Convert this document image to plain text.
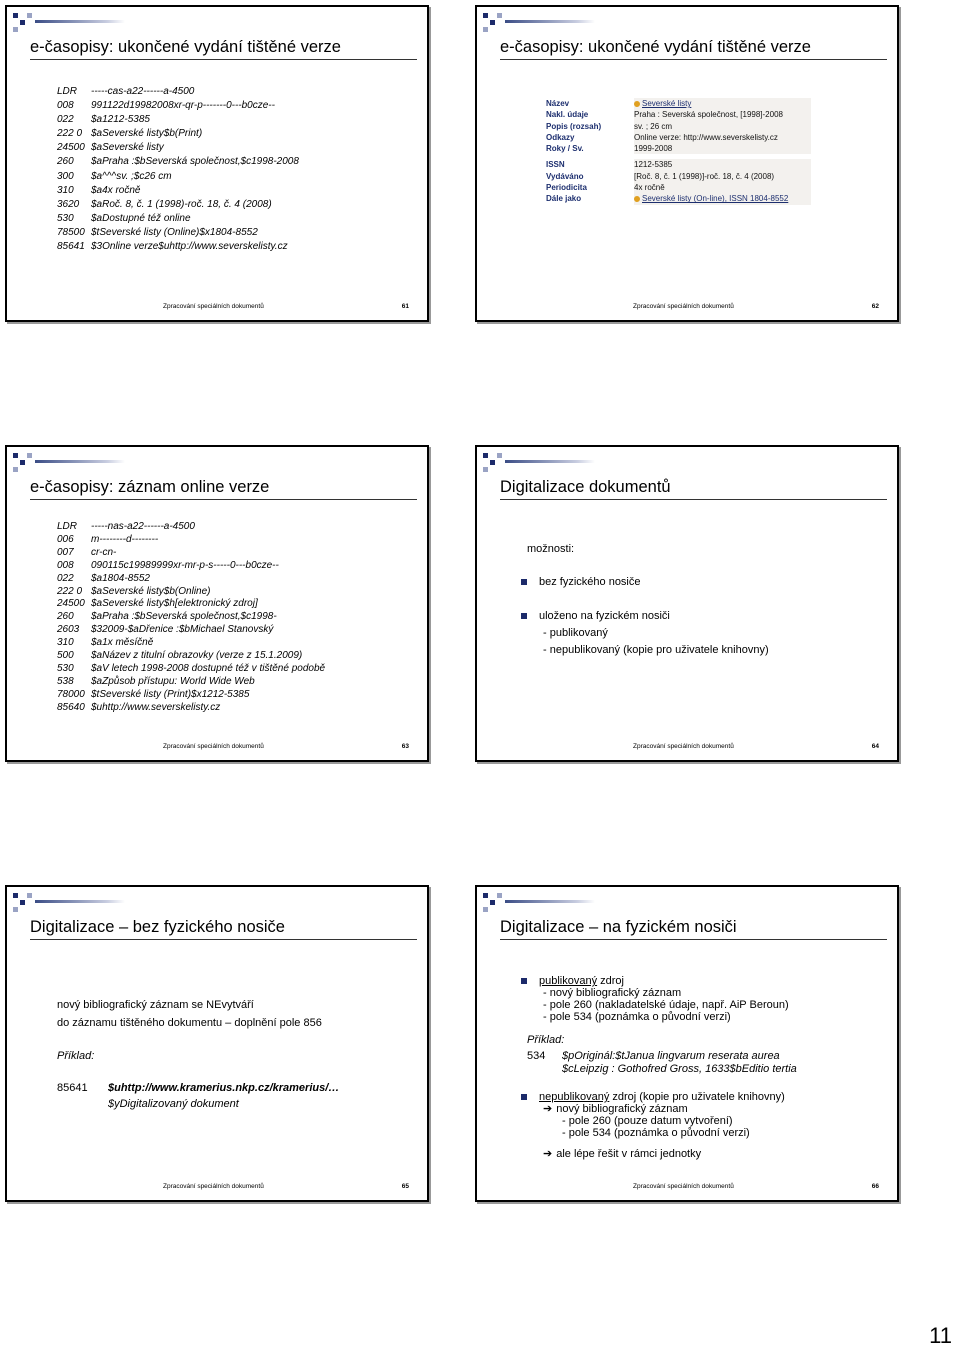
e-časopisy: ukončené vydání tištěné verze
LDR -----cas-a22------a-4500
008 991122d19982008xr-qr-p-------0---b0cze--
022 $a1212-5385
222 0 $aSeverské listy$b(Print)
24500 $aSeverské listy
260 $aPraha :$bSeverská společnost,$c1998-2008
300 $a^^^sv. ;$c26 cm
310 $a4x ročně
3620 $aRoč. 8, č. 1 (1998)-roč. 18, č. 4 (2008)
530 $aDostupné též online
78500 $tSeverské listy (Online)$x1804-8552
85641 $3Online verze$uhttp://www.severskelisty.cz
Zpracování speciálních dokumentů	61
e-časopisy: ukončené vydání tištěné verze
Název	Severské listy
Nakl. údaje	Praha : Severská společnost, [1998]-2008
Popis (rozsah)	sv. ; 26 cm
Odkazy	Online verze: http://www.severskelisty.cz
Roky / Sv.	1999-2008
ISSN	1212-5385
Vydáváno	[Roč. 8, č. 1 (1998)]-roč. 18, č. 4 (2008)
Periodicita	4x ročně
Dále jako	Severské listy (On-line), ISSN 1804-8552
Zpracování speciálních dokumentů	62
e-časopisy: záznam online verze
LDR -----nas-a22------a-4500
006 m--------d--------
007 cr-cn-
008 090115c19989999xr-mr-p-s-----0---b0cze--
022 $a1804-8552
222 0 $aSeverské listy$b(Online)
24500 $aSeverské listy$h[elektronický zdroj]
260 $aPraha :$bSeverská společnost,$c1998-
2603 $32009-$aDřenice :$bMichael Stanovský
310 $a1x měsíčně
500 $aNázev z titulní obrazovky (verze z 15.1.2009)
530 $aV letech 1998-2008 dostupné též v tištěné podobě
538 $aZpůsob přístupu: World Wide Web
78000 $tSeverské listy (Print)$x1212-5385
85640 $uhttp://www.severskelisty.cz
Zpracování speciálních dokumentů	63
Digitalizace dokumentů
možnosti:
bez fyzického nosiče
uloženo na fyzickém nosiči
- publikovaný
- nepublikovaný (kopie pro uživatele knihovny)
Zpracování speciálních dokumentů	64
Digitalizace – bez fyzického nosiče
nový bibliografický záznam se NEvytváří
do záznamu tištěného dokumentu – doplnění pole 856
Příklad:
85641 $uhttp://www.kramerius.nkp.cz/kramerius/…
$yDigitalizovaný dokument
Zpracování speciálních dokumentů	65
Digitalizace – na fyzickém nosiči
publikovaný zdroj
- nový bibliografický záznam
- pole 260 (nakladatelské údaje, např. AiP Beroun)
- pole 534 (poznámka o původní verzi)
Příklad:
534 $pOriginál:$tJanua lingvarum reserata aurea
$cLeipzig : Gothofred Gross, 1633$bEditio tertia
nepublikovaný zdroj (kopie pro uživatele knihovny)
➔ nový bibliografický záznam
- pole 260 (pouze datum vytvoření)
- pole 534 (poznámka o původní verzi)
➔ ale lépe řešit v rámci jednotky
Zpracování speciálních dokumentů	66
11
